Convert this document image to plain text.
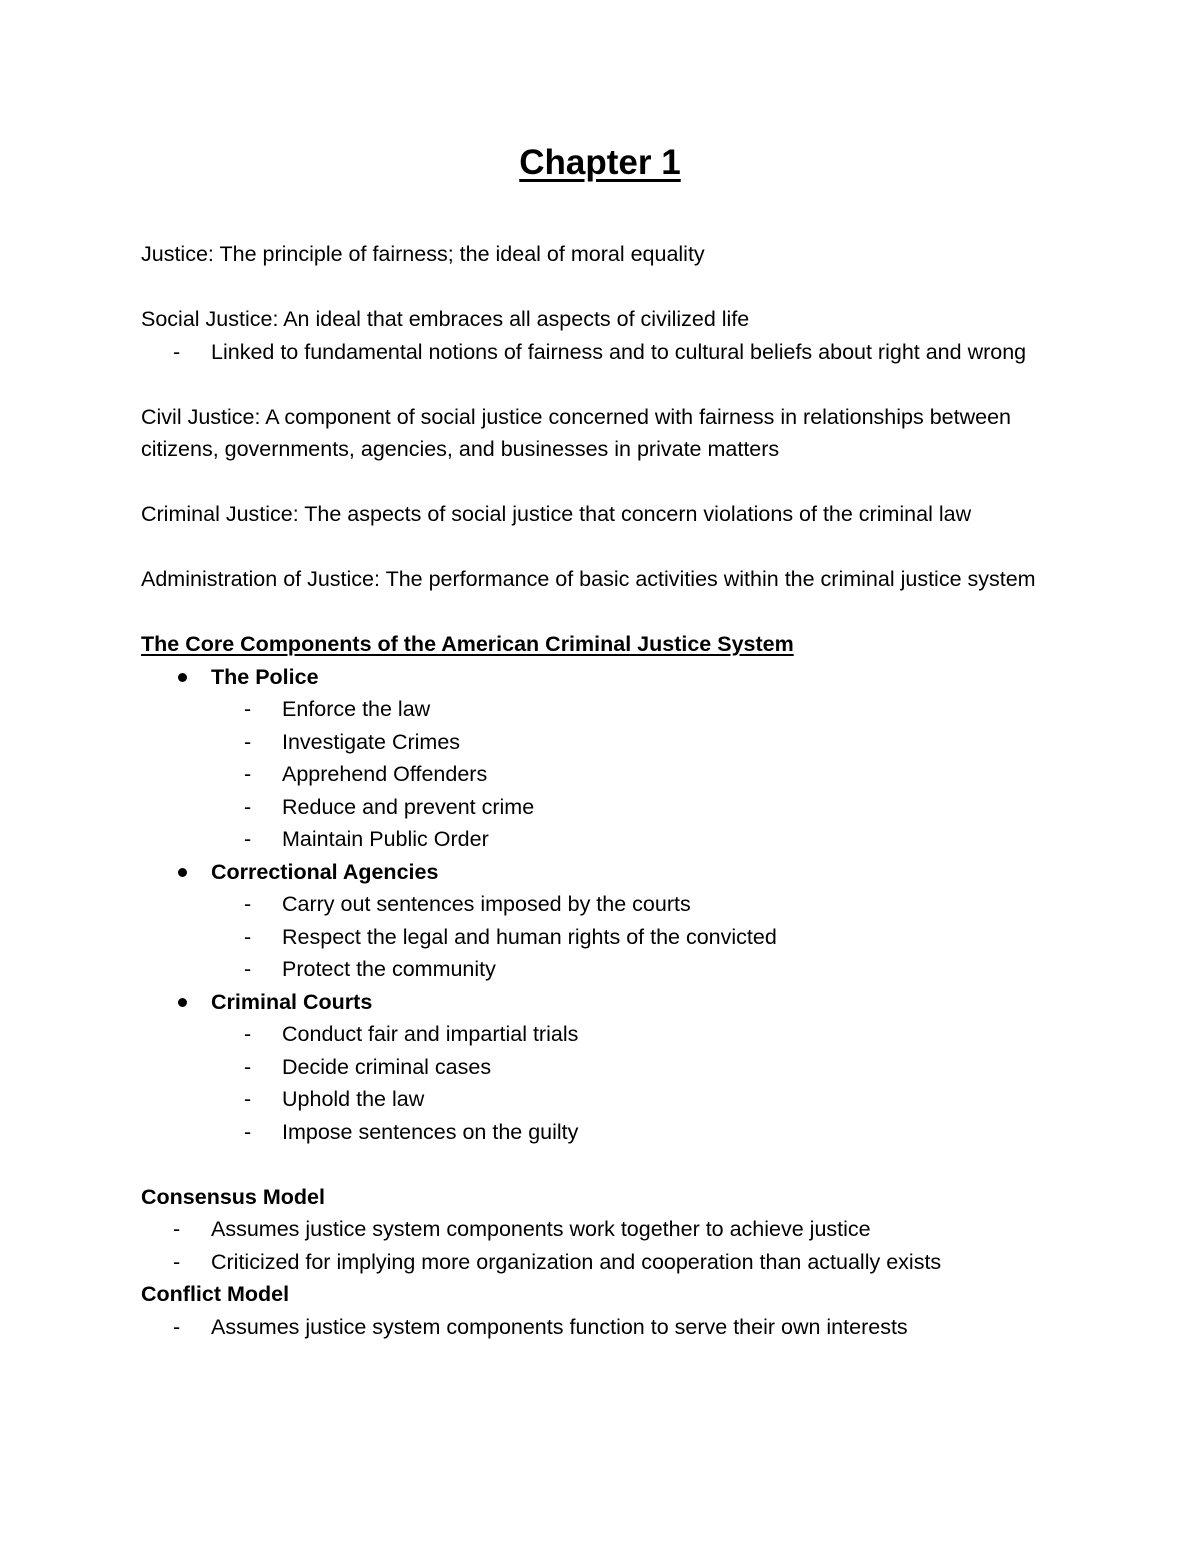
Chapter 1

Justice: The principle of fairness; the ideal of moral equality

Social Justice: An ideal that embraces all aspects of civilized life

- Linked to fundamental notions of fairness and to cultural beliefs about right and wrong

Civil Justice: A component of social justice concerned with fairness in relationships between citizens, governments, agencies, and businesses in private matters

Criminal Justice: The aspects of social justice that concern violations of the criminal law

Administration of Justice: The performance of basic activities within the criminal justice system

The Core Components of the American Criminal Justice System

The Police
- Enforce the law
- Investigate Crimes
- Apprehend Offenders
- Reduce and prevent crime
- Maintain Public Order
Correctional Agencies
- Carry out sentences imposed by the courts
- Respect the legal and human rights of the convicted
- Protect the community
Criminal Courts
- Conduct fair and impartial trials
- Decide criminal cases
- Uphold the law
- Impose sentences on the guilty

Consensus Model

- Assumes justice system components work together to achieve justice
- Criticized for implying more organization and cooperation than actually exists

Conflict Model

- Assumes justice system components function to serve their own interests
